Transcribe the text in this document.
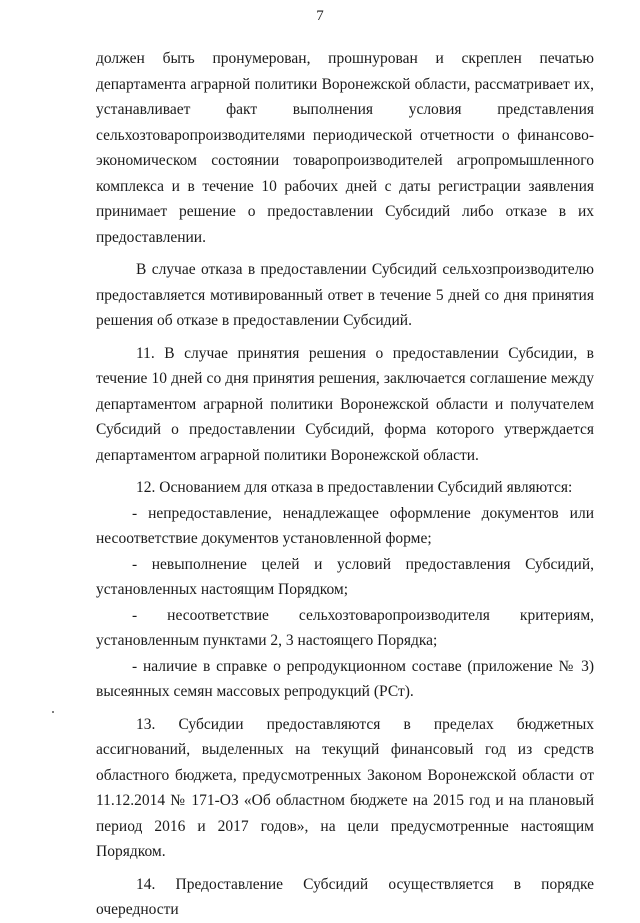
7

должен быть пронумерован, прошнурован и скреплен печатью департамента аграрной политики Воронежской области, рассматривает их, устанавливает факт выполнения условия представления сельхозтоваропроизводителями периодической отчетности о финансово-экономическом состоянии товаропроизводителей агропромышленного комплекса и в течение 10 рабочих дней с даты регистрации заявления принимает решение о предоставлении Субсидий либо отказе в их предоставлении.

В случае отказа в предоставлении Субсидий сельхозпроизводителю предоставляется мотивированный ответ в течение 5 дней со дня принятия решения об отказе в предоставлении Субсидий.

11. В случае принятия решения о предоставлении Субсидии, в течение 10 дней со дня принятия решения, заключается соглашение между департаментом аграрной политики Воронежской области и получателем Субсидий о предоставлении Субсидий, форма которого утверждается департаментом аграрной политики Воронежской области.

12. Основанием для отказа в предоставлении Субсидий являются:

- непредоставление, ненадлежащее оформление документов или несоответствие документов установленной форме;

- невыполнение целей и условий предоставления Субсидий, установленных настоящим Порядком;

- несоответствие сельхозтоваропроизводителя критериям, установленным пунктами 2, 3 настоящего Порядка;

- наличие в справке о репродукционном составе (приложение № 3) высеянных семян массовых репродукций (РСт).

13. Субсидии предоставляются в пределах бюджетных ассигнований, выделенных на текущий финансовый год из средств областного бюджета, предусмотренных Законом Воронежской области от 11.12.2014 № 171-ОЗ «Об областном бюджете на 2015 год и на плановый период 2016 и 2017 годов», на цели предусмотренные настоящим Порядком.

14. Предоставление Субсидий осуществляется в порядке очередности
